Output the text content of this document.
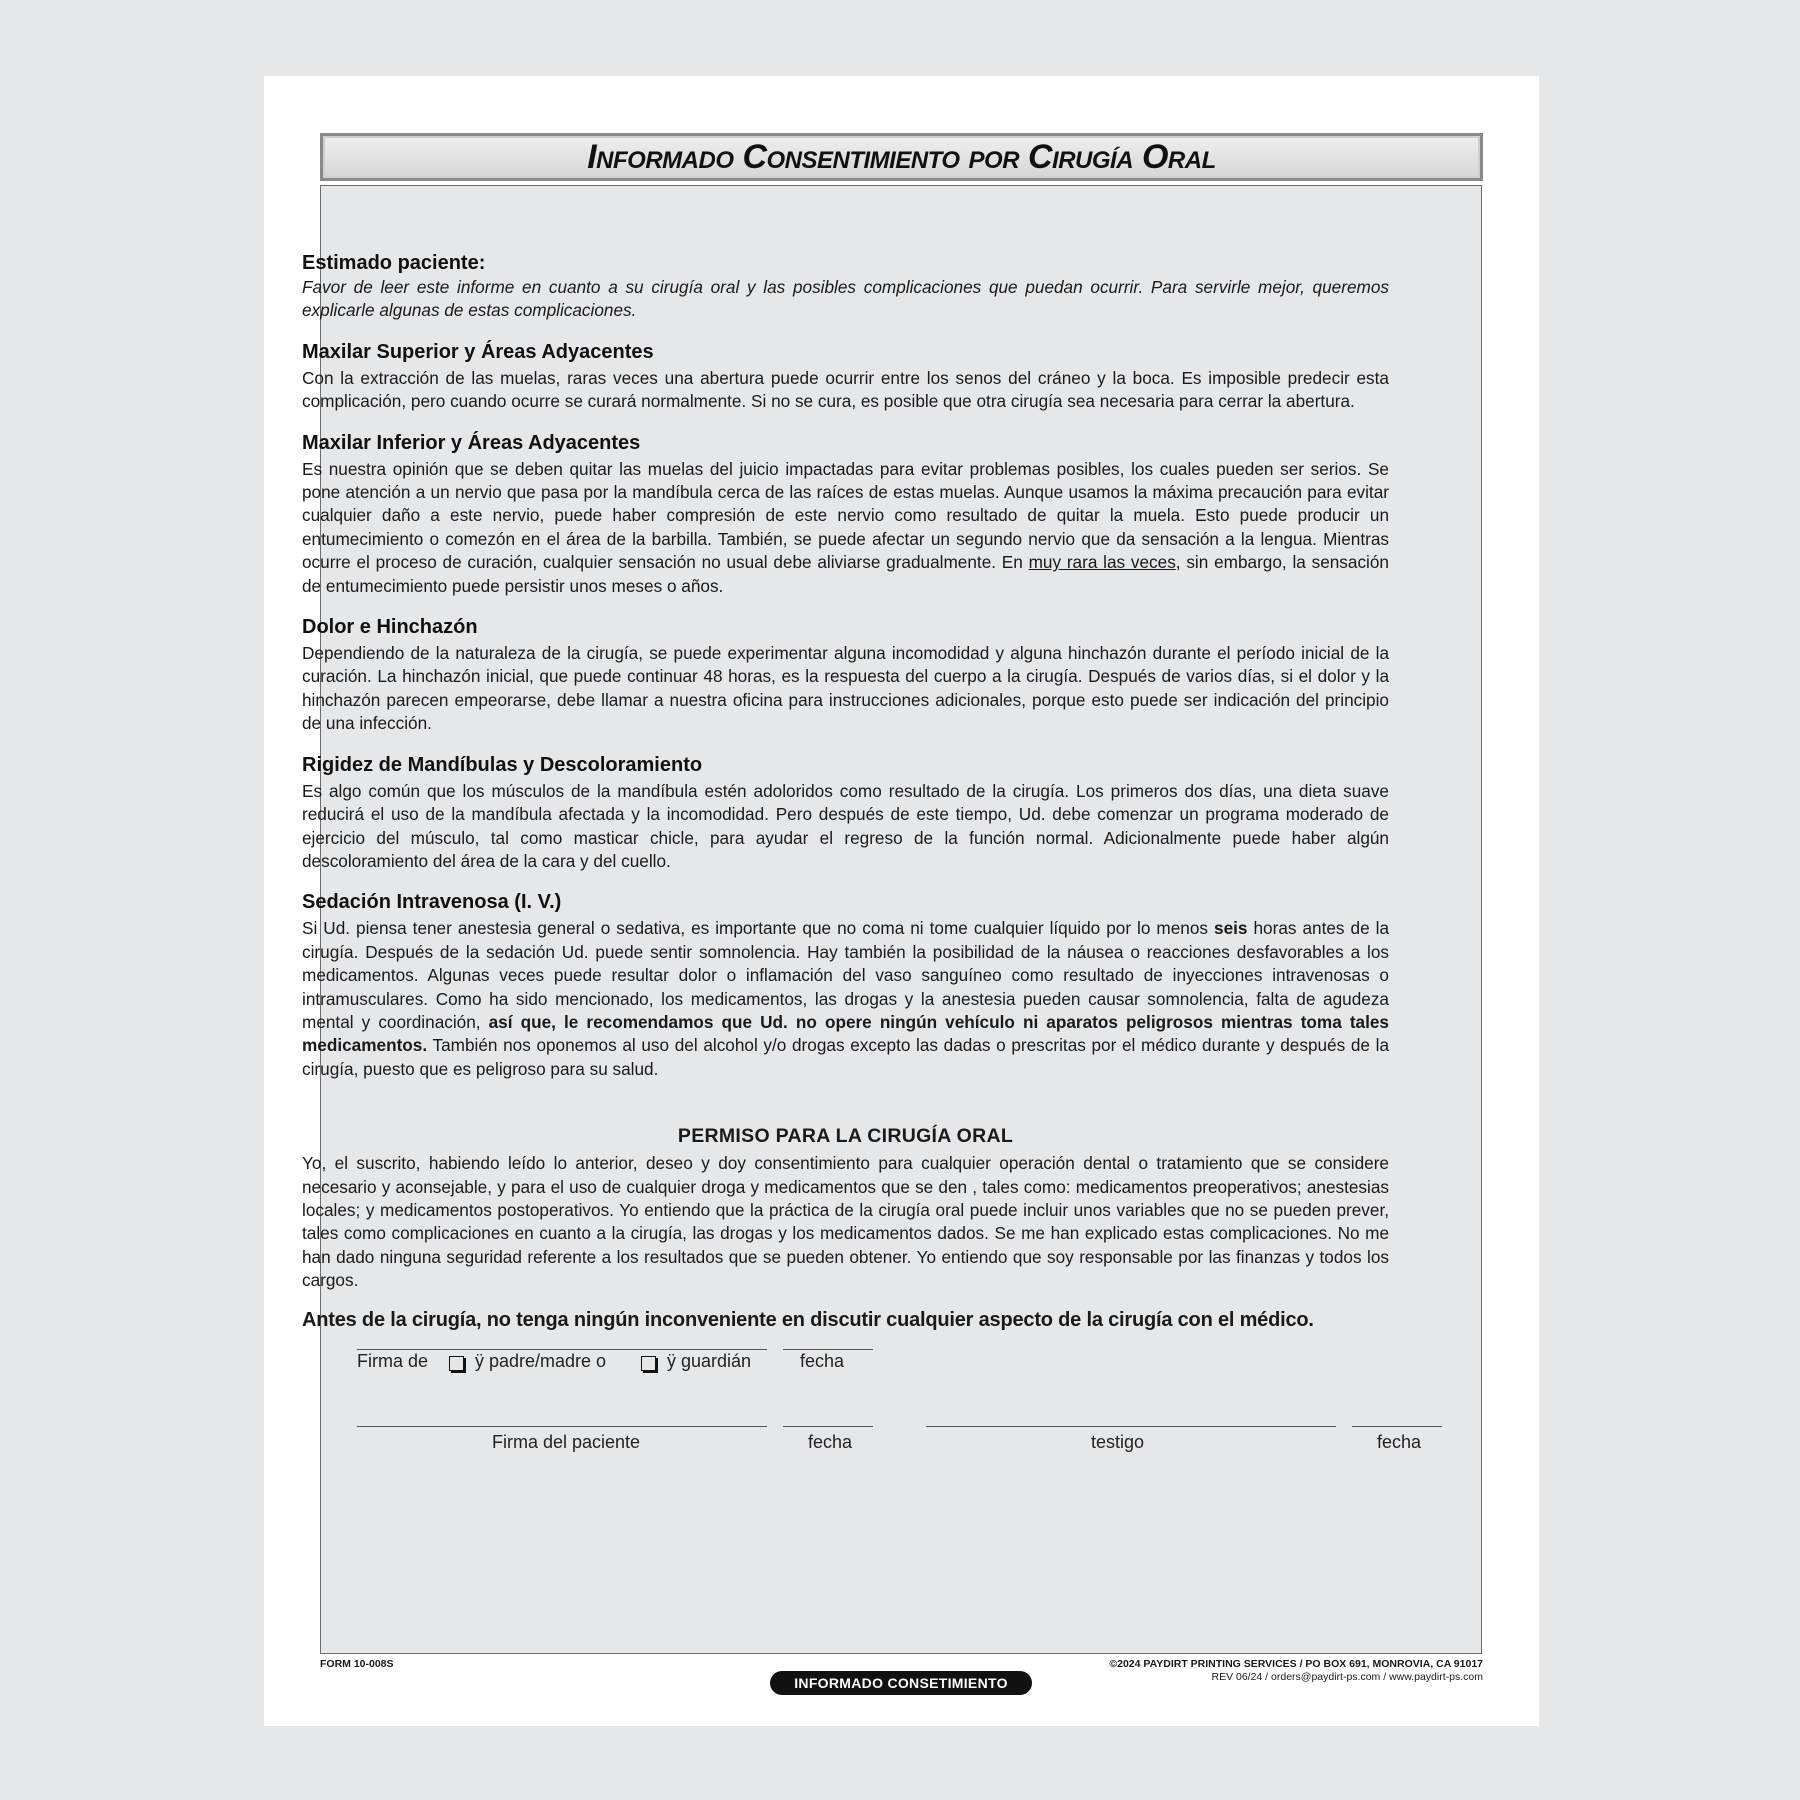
Informado Consentimiento por Cirugía Oral
Estimado paciente:

Favor de leer este informe en cuanto a su cirugía oral y las posibles complicaciones que puedan ocurrir. Para servirle mejor, queremos explicarle algunas de estas complicaciones.

Maxilar Superior y Áreas Adyacentes

Con la extracción de las muelas, raras veces una abertura puede ocurrir entre los senos del cráneo y la boca. Es imposible predecir esta complicación, pero cuando ocurre se curará normalmente. Si no se cura, es posible que otra cirugía sea necesaria para cerrar la abertura.

Maxilar Inferior y Áreas Adyacentes

Es nuestra opinión que se deben quitar las muelas del juicio impactadas para evitar problemas posibles, los cuales pueden ser serios. Se pone atención a un nervio que pasa por la mandíbula cerca de las raíces de estas muelas. Aunque usamos la máxima precaución para evitar cualquier daño a este nervio, puede haber compresión de este nervio como resultado de quitar la muela. Esto puede producir un entumecimiento o comezón en el área de la barbilla. También, se puede afectar un segundo nervio que da sensación a la lengua. Mientras ocurre el proceso de curación, cualquier sensación no usual debe aliviarse gradualmente. En muy rara las veces, sin embargo, la sensación de entumecimiento puede persistir unos meses o años.

Dolor e Hinchazón

Dependiendo de la naturaleza de la cirugía, se puede experimentar alguna incomodidad y alguna hinchazón durante el período inicial de la curación. La hinchazón inicial, que puede continuar 48 horas, es la respuesta del cuerpo a la cirugía. Después de varios días, si el dolor y la hinchazón parecen empeorarse, debe llamar a nuestra oficina para instrucciones adicionales, porque esto puede ser indicación del principio de una infección.

Rigidez de Mandíbulas y Descoloramiento

Es algo común que los músculos de la mandíbula estén adoloridos como resultado de la cirugía. Los primeros dos días, una dieta suave reducirá el uso de la mandíbula afectada y la incomodidad. Pero después de este tiempo, Ud. debe comenzar un programa moderado de ejercicio del músculo, tal como masticar chicle, para ayudar el regreso de la función normal. Adicionalmente puede haber algún descoloramiento del área de la cara y del cuello.

Sedación Intravenosa (I. V.)

Si Ud. piensa tener anestesia general o sedativa, es importante que no coma ni tome cualquier líquido por lo menos seis horas antes de la cirugía. Después de la sedación Ud. puede sentir somnolencia. Hay también la posibilidad de la náusea o reacciones desfavorables a los medicamentos. Algunas veces puede resultar dolor o inflamación del vaso sanguíneo como resultado de inyecciones intravenosas o intramusculares. Como ha sido mencionado, los medicamentos, las drogas y la anestesia pueden causar somnolencia, falta de agudeza mental y coordinación, así que, le recomendamos que Ud. no opere ningún vehículo ni aparatos peligrosos mientras toma tales medicamentos. También nos oponemos al uso del alcohol y/o drogas excepto las dadas o prescritas por el médico durante y después de la cirugía, puesto que es peligroso para su salud.

PERMISO PARA LA CIRUGÍA ORAL

Yo, el suscrito, habiendo leído lo anterior, deseo y doy consentimiento para cualquier operación dental o tratamiento que se considere necesario y aconsejable, y para el uso de cualquier droga y medicamentos que se den , tales como: medicamentos preoperativos; anestesias locales; y medicamentos postoperativos. Yo entiendo que la práctica de la cirugía oral puede incluir unos variables que no se pueden prever, tales como complicaciones en cuanto a la cirugía, las drogas y los medicamentos dados. Se me han explicado estas complicaciones. No me han dado ninguna seguridad referente a los resultados que se pueden obtener. Yo entiendo que soy responsable por las finanzas y todos los cargos.

Antes de la cirugía, no tenga ningún inconveniente en discutir cualquier aspecto de la cirugía con el médico.
Firma de	ÿ padre/madre o	ÿ guardián	fecha
Firma del paciente	fecha	testigo	fecha
FORM 10-008S
INFORMADO CONSETIMIENTO
©2024 PAYDIRT PRINTING SERVICES / PO BOX 691, MONROVIA, CA 91017
REV 06/24 / orders@paydirt-ps.com / www.paydirt-ps.com
